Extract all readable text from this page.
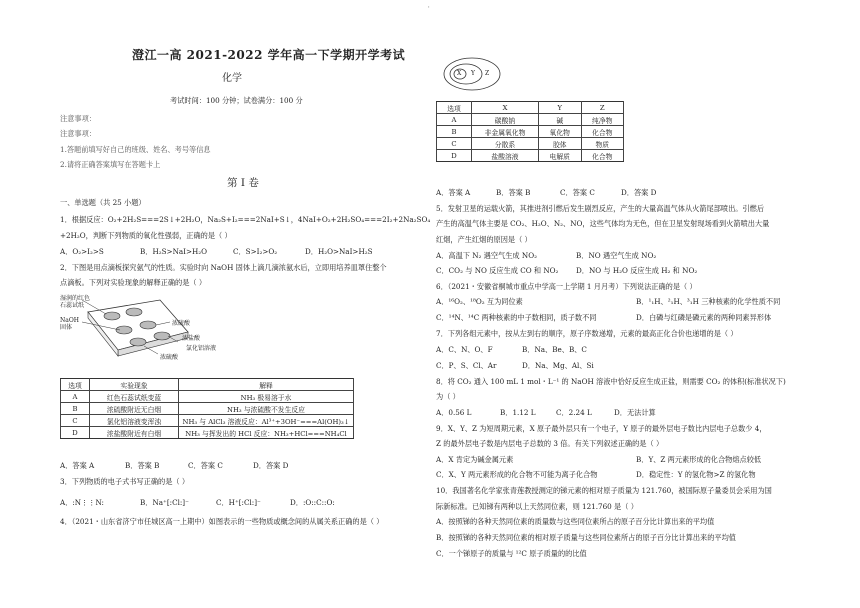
'
澄江一高 2021-2022 学年高一下学期开学考试
化学
考试时间：100 分钟；试卷满分：100 分
注意事项：
注意事项：
1.答题前填写好自己的班级、姓名、考号等信息
2.请将正确答案填写在答题卡上
第 I 卷
一、单选题（共 25 小题）
1．根据反应：O₂+2H₂S===2S↓+2H₂O，Na₂S+I₂===2NaI+S↓，4NaI+O₂+2H₂SO₄===2I₂+2Na₂SO₄
+2H₂O，判断下列物质的氧化性强弱，正确的是（ ）
A．O₂>I₂>S	B．H₂S>NaI>H₂O	C．S>I₂>O₂	D．H₂O>NaI>H₂S
2．下图是用点滴板探究氨气的性质。实验时向 NaOH 固体上滴几滴浓氨水后，立即用培养皿罩住整个
点滴板。下列对实验现象的解释正确的是（ ）
湿润的红色
石蕊试纸
NaOH
固体
浓硫酸
浓盐酸
氯化铝溶液
浓硫酸
选项	实验现象	解释
A	红色石蕊试纸变蓝	NH₃ 极易溶于水
B	浓硫酸附近无白烟	NH₃ 与浓硫酸不发生反应
C	氯化铝溶液变浑浊	NH₃ 与 AlCl₃ 溶液反应：Al³⁺+3OH⁻===Al(OH)₃↓
D	浓盐酸附近有白烟	NH₃ 与挥发出的 HCl 反应：NH₃+HCl===NH₄Cl
A．答案 A	B．答案 B	C．答案 C	D．答案 D
3．下列物质的电子式书写正确的是（ ）
A．:N⋮⋮N:	B．Na⁺[:Cl:]⁻	C．H⁺[:Cl:]⁻	D．:O::C::O:
4．（2021・山东省济宁市任城区高一上期中）如图表示的一些物质或概念间的从属关系正确的是（ ）
X Y Z
选项	X	Y	Z
A	碳酸钠	碱	纯净物
B	非金属氧化物	氧化物	化合物
C	分散系	胶体	物质
D	盐酸溶液	电解质	化合物
A．答案 A	B．答案 B	C．答案 C	D．答案 D
5．发射卫星的运载火箭，其推进剂引燃后发生剧烈反应，产生的大量高温气体从火箭尾部喷出。引燃后
产生的高温气体主要是 CO₂、H₂O、N₂、NO，这些气体均为无色，但在卫星发射现场看到火箭喷出大量
红烟，产生红烟的原因是（ ）
A．高温下 N₂ 遇空气生成 NO₂	B．NO 遇空气生成 NO₂
C．CO₂ 与 NO 反应生成 CO 和 NO₂ D．NO 与 H₂O 反应生成 H₂ 和 NO₂
6．（2021・安徽省桐城市重点中学高一上学期 1 月月考）下列说法正确的是（ ）
A．¹⁶O₂、¹⁸O₂ 互为同位素	B．¹₁H、²₁H、³₁H 三种核素的化学性质不同
C．¹⁴N、¹⁴C 两种核素的中子数相同，质子数不同	D．白磷与红磷是磷元素的两种同素异形体
7．下列各组元素中，按从左到右的顺序，原子序数递增，元素的最高正化合价也递增的是（ ）
A．C、N、O、F	B．Na、Be、B、C
C．P、S、Cl、Ar	D．Na、Mg、Al、Si
8．将 CO₂ 通入 100 mL 1 mol・L⁻¹ 的 NaOH 溶液中恰好反应生成正盐，则需要 CO₂ 的体积(标准状况下)
为（ ）
A．0.56 L	B．1.12 L	C．2.24 L	D．无法计算
9．X、Y、Z 为短周期元素，X 原子最外层只有一个电子，Y 原子的最外层电子数比内层电子总数少 4，
Z 的最外层电子数是内层电子总数的 3 倍。有关下列叙述正确的是（ ）
A．X 肯定为碱金属元素	B．Y、Z 两元素形成的化合物熔点较低
C．X、Y 两元素形成的化合物不可能为离子化合物	D．稳定性：Y 的氢化物>Z 的氢化物
10．我国著名化学家张青莲教授测定的锑元素的相对原子质量为 121.760，被国际原子量委员会采用为国
际新标准。已知锑有两种以上天然同位素，则 121.760 是（ ）
A．按照锑的各种天然同位素的质量数与这些同位素所占的原子百分比计算出来的平均值
B．按照锑的各种天然同位素的相对原子质量与这些同位素所占的原子百分比计算出来的平均值
C．一个锑原子的质量与 ¹²C 原子质量的的比值
